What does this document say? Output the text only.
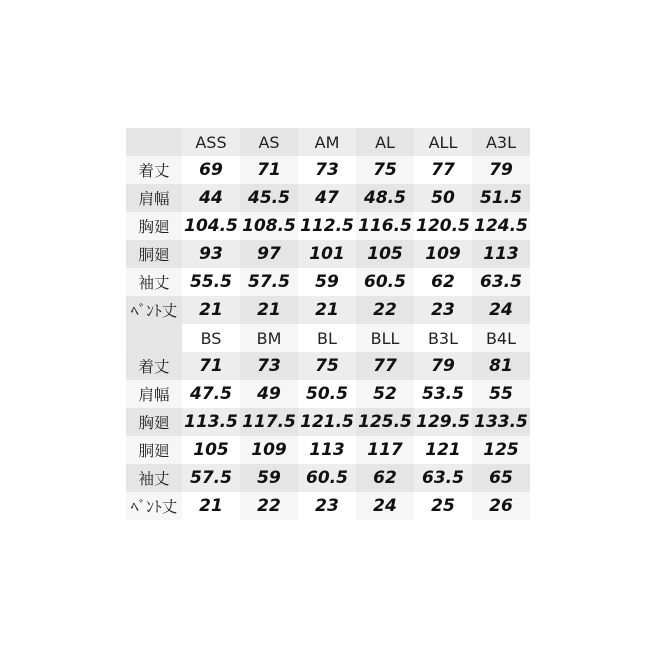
	ASS	AS	AM	AL	ALL	A3L
着丈	69	71	73	75	77	79
肩幅	44	45.5	47	48.5	50	51.5
胸廻	104.5	108.5	112.5	116.5	120.5	124.5
胴廻	93	97	101	105	109	113
袖丈	55.5	57.5	59	60.5	62	63.5
ﾍﾞﾝﾄ丈	21	21	21	22	23	24
	BS	BM	BL	BLL	B3L	B4L
着丈	71	73	75	77	79	81
肩幅	47.5	49	50.5	52	53.5	55
胸廻	113.5	117.5	121.5	125.5	129.5	133.5
胴廻	105	109	113	117	121	125
袖丈	57.5	59	60.5	62	63.5	65
ﾍﾞﾝﾄ丈	21	22	23	24	25	26
